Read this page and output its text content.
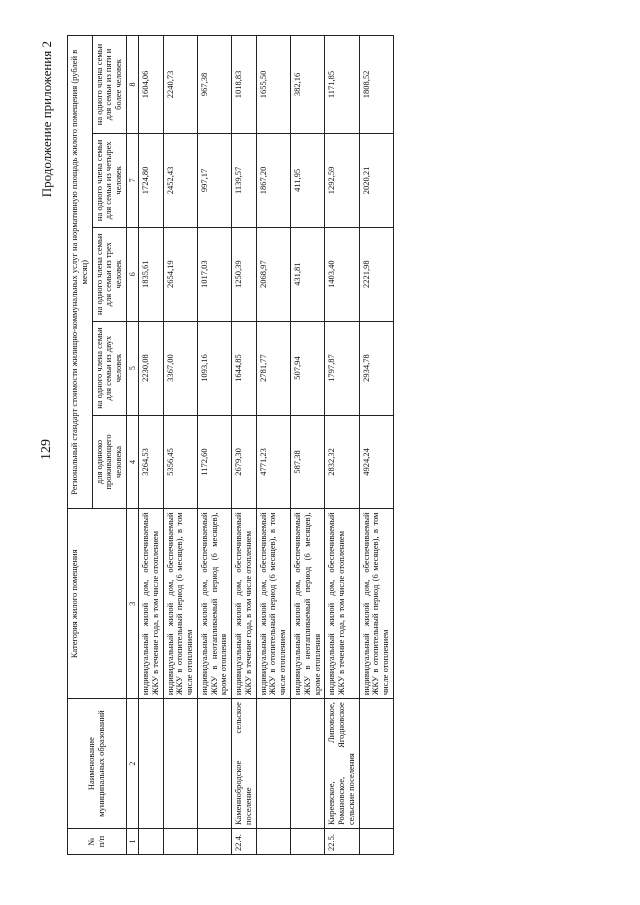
129
Продолжение приложения 2
№
п/п	Наименование
муниципальных образований	Категория жилого помещения	Региональный стандарт стоимости жилищно-коммунальных услуг на нормативную площадь жилого помещения (рублей в месяц)				
			для одиноко проживающего человека	на одного члена семьи для семьи из двух человек	на одного члена семьи для семьи из трех человек	на одного члена семьи для семьи из четырех человек	на одного члена семьи для семьи из пяти и более человек
1	2	3	4	5	6	7	8
		индивидуальный жилой дом, обеспечиваемый ЖКУ в течение года, в том числе отоплением	3264,53	2230,08	1835,61	1724,80	1604,06
		индивидуальный жилой дом, обеспечиваемый ЖКУ в отопительный период (6 месяцев), в том числе отоплением	5356,45	3367,00	2654,19	2452,43	2240,73
		индивидуальный жилой дом, обеспечиваемый ЖКУ в неотапливаемый период (6 месяцев), кроме отопления	1172,60	1093,16	1017,03	997,17	967,38
22.4.	Каменнобродское сельское поселение	индивидуальный жилой дом, обеспечиваемый ЖКУ в течение года, в том числе отоплением	2679,30	1644,85	1250,39	1139,57	1018,83
		индивидуальный жилой дом, обеспечиваемый ЖКУ в отопительный период (6 месяцев), в том числе отоплением	4771,23	2781,77	2068,97	1867,20	1655,50
		индивидуальный жилой дом, обеспечиваемый ЖКУ в неотапливаемый период (6 месяцев), кроме отопления	587,38	507,94	431,81	411,95	382,16
22.5.	Киреевское, Липовское, Романовское, Ягодновское сельские поселения	индивидуальный жилой дом, обеспечиваемый ЖКУ в течение года, в том числе отоплением	2832,32	1797,87	1403,40	1292,59	1171,85
		индивидуальный жилой дом, обеспечиваемый ЖКУ в отопительный период (6 месяцев), в том числе отоплением	4924,24	2934,78	2221,98	2020,21	1808,52
